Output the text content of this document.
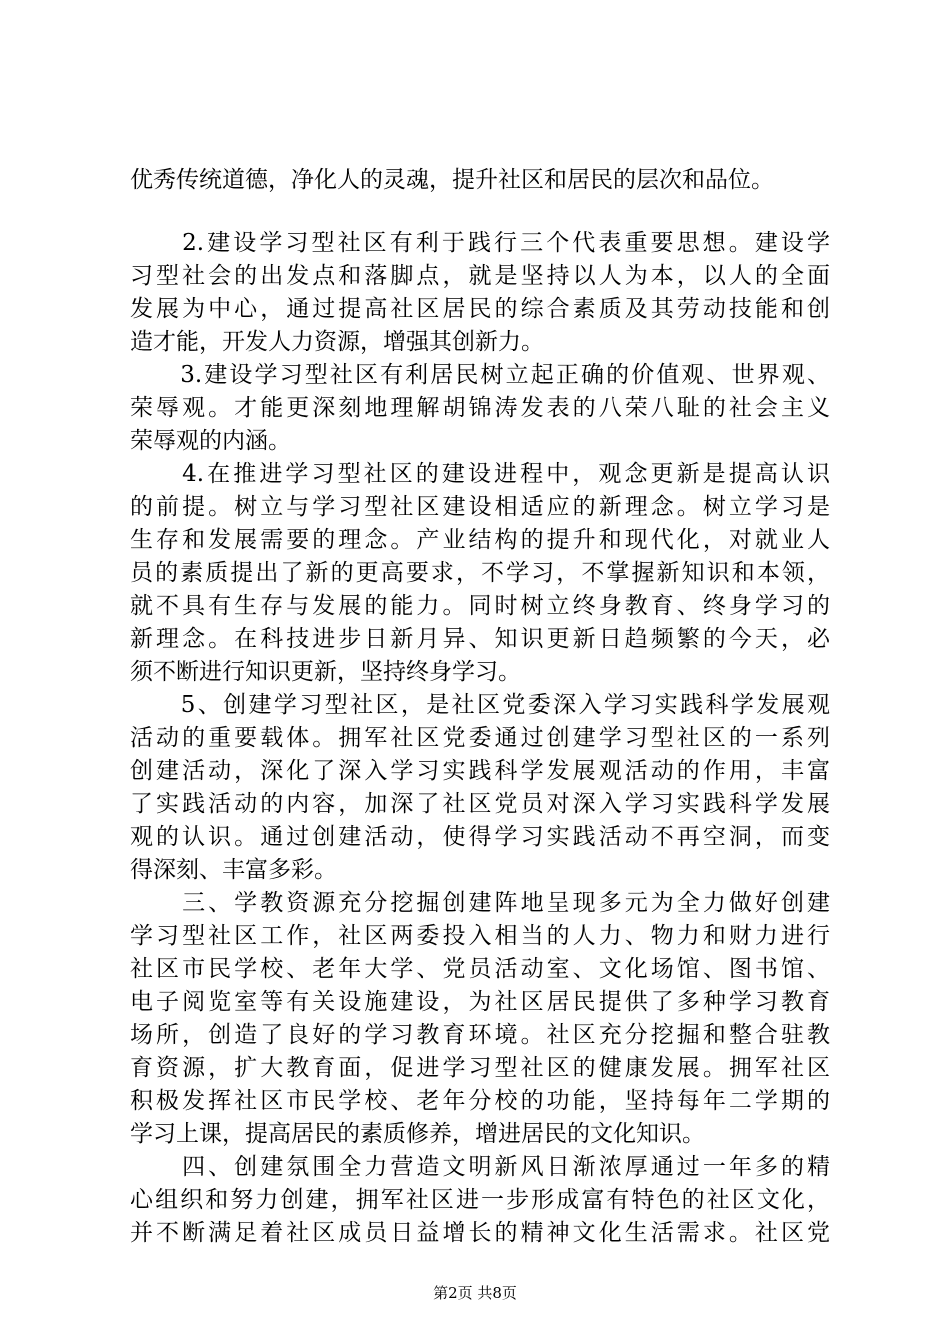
优秀传统道德，净化人的灵魂，提升社区和居民的层次和品位。
　　2.建设学习型社区有利于践行三个代表重要思想。建设学
习型社会的出发点和落脚点，就是坚持以人为本，以人的全面
发展为中心，通过提高社区居民的综合素质及其劳动技能和创
造才能，开发人力资源，增强其创新力。
　　3.建设学习型社区有利居民树立起正确的价值观、世界观、
荣辱观。才能更深刻地理解胡锦涛发表的八荣八耻的社会主义
荣辱观的内涵。
　　4.在推进学习型社区的建设进程中，观念更新是提高认识
的前提。树立与学习型社区建设相适应的新理念。树立学习是
生存和发展需要的理念。产业结构的提升和现代化，对就业人
员的素质提出了新的更高要求，不学习，不掌握新知识和本领，
就不具有生存与发展的能力。同时树立终身教育、终身学习的
新理念。在科技进步日新月异、知识更新日趋频繁的今天，必
须不断进行知识更新，坚持终身学习。
　　5、创建学习型社区，是社区党委深入学习实践科学发展观
活动的重要载体。拥军社区党委通过创建学习型社区的一系列
创建活动，深化了深入学习实践科学发展观活动的作用，丰富
了实践活动的内容，加深了社区党员对深入学习实践科学发展
观的认识。通过创建活动，使得学习实践活动不再空洞，而变
得深刻、丰富多彩。
　　三、学教资源充分挖掘创建阵地呈现多元为全力做好创建
学习型社区工作，社区两委投入相当的人力、物力和财力进行
社区市民学校、老年大学、党员活动室、文化场馆、图书馆、
电子阅览室等有关设施建设，为社区居民提供了多种学习教育
场所，创造了良好的学习教育环境。社区充分挖掘和整合驻教
育资源，扩大教育面，促进学习型社区的健康发展。拥军社区
积极发挥社区市民学校、老年分校的功能，坚持每年二学期的
学习上课，提高居民的素质修养，增进居民的文化知识。
　　四、创建氛围全力营造文明新风日渐浓厚通过一年多的精
心组织和努力创建，拥军社区进一步形成富有特色的社区文化，
并不断满足着社区成员日益增长的精神文化生活需求。社区党
第2页 共8页
